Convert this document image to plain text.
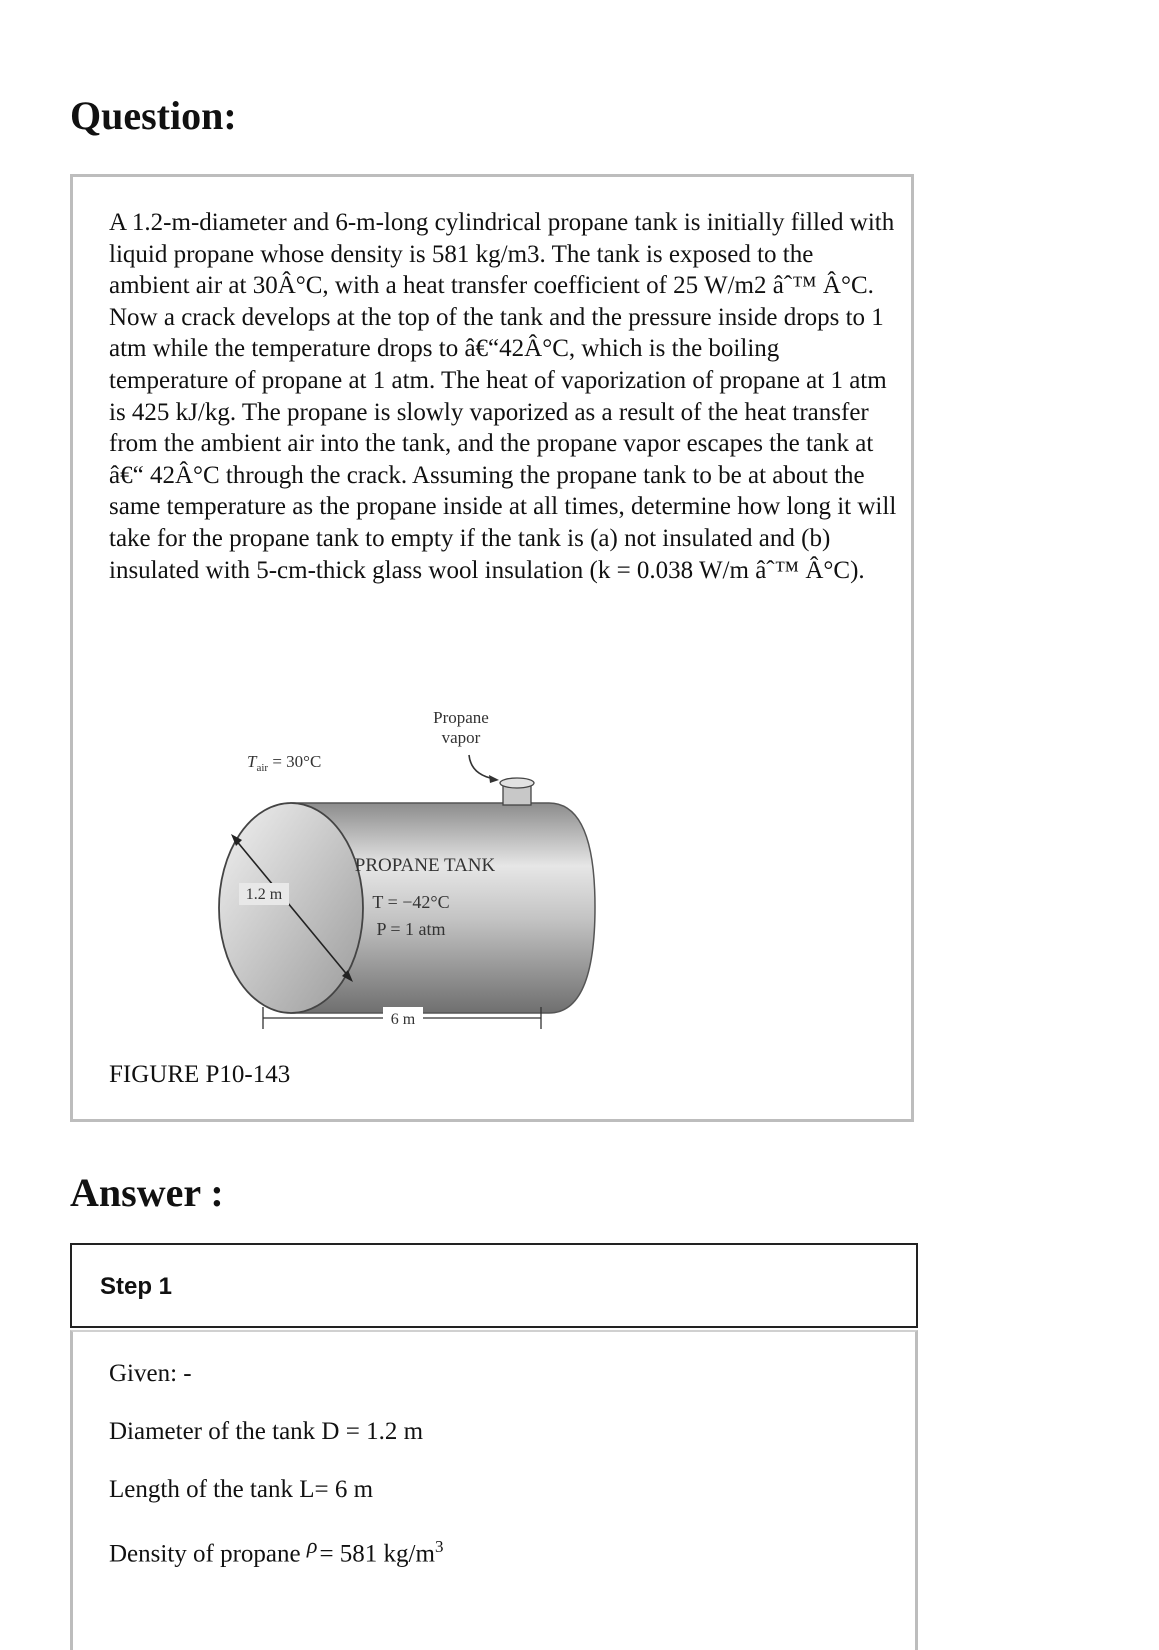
Question:

A 1.2-m-diameter and 6-m-long cylindrical propane tank is initially filled with liquid propane whose density is 581 kg/m3. The tank is exposed to the ambient air at 30Â°C, with a heat transfer coefficient of 25 W/m2 âˆ™ Â°C. Now a crack develops at the top of the tank and the pressure inside drops to 1 atm while the temperature drops to â€“42Â°C, which is the boiling temperature of propane at 1 atm. The heat of vaporization of propane at 1 atm is 425 kJ/kg. The propane is slowly vaporized as a result of the heat transfer from the ambient air into the tank, and the propane vapor escapes the tank at â€“ 42Â°C through the crack. Assuming the propane tank to be at about the same temperature as the propane inside at all times, determine how long it will take for the propane tank to empty if the tank is (a) not insulated and (b) insulated with 5-cm-thick glass wool insulation (k = 0.038 W/m âˆ™ Â°C).

Propane
vapor
$T_{air} = 30^\circ C$
1.2 m
PROPANE TANK
T = −42°C
P = 1 atm
6 m

FIGURE P10-143

Answer :
Step 1

Given: -

Diameter of the tank D = 1.2 m

Length of the tank L= 6 m

Density of propane ρ= 581 $kg/m^3$
